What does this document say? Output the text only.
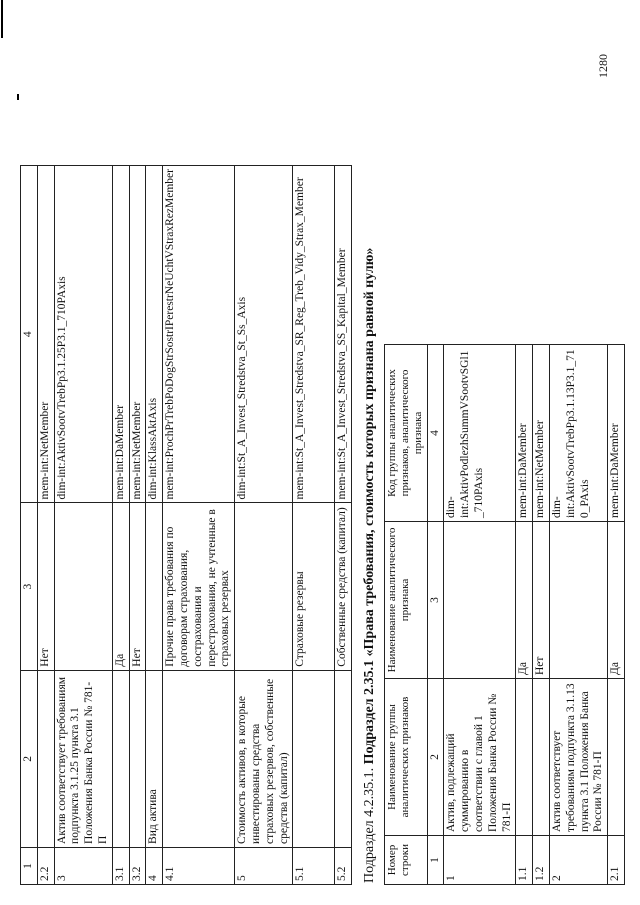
1280
1	2	3	4
2.2		Нет	mem-int:NetMember
3	Актив соответствует требованиям подпункта 3.1.25 пункта 3.1 Положения Банка России № 781-П		dim-int:AktivSootvTrebPp3.1.25P3.1_710PAxis
3.1		Да	mem-int:DaMember
3.2		Нет	mem-int:NetMember
4	Вид актива		dim-int:KlassAktAxis
4.1		Прочие права требования по договорам страхования, сострахования и перестрахования, не учтенные в страховых резервах	mem-int:ProchPrTrebPoDogStrSostrIPerestrNeUchtVStraxRezMember
5	Стоимость активов, в которые инвестированы средства страховых резервов, собственные средства (капитал)		dim-int:St_A_Invest_Stredstva_St_Ss_Axis
5.1		Страховые резервы	mem-int:St_A_Invest_Stredstva_SR_Reg_Treb_Vidy_Strax_Member
5.2		Собственные средства (капитал)	mem-int:St_A_Invest_Stredstva_SS_Kapital_Member
Подраздел 4.2.35.1. Подраздел 2.35.1 «Права требования, стоимость которых признана равной нулю»
Номер строки	Наименование группы аналитических признаков	Наименование аналитического признака	Код группы аналитических признаков, аналитического признака
1	2	3	4
1	Актив, подлежащий суммированию в соответствии с главой 1 Положения Банка России № 781-П		dim-int:AktivPodlezhSummVSootvSGl1_710PAxis
1.1		Да	mem-int:DaMember
1.2		Нет	mem-int:NetMember
2	Актив соответствует требованиям подпункта 3.1.13 пункта 3.1 Положения Банка России № 781-П		dim-int:AktivSootvTrebPp3.1.13P3.1_710_PAxis
2.1		Да	mem-int:DaMember
